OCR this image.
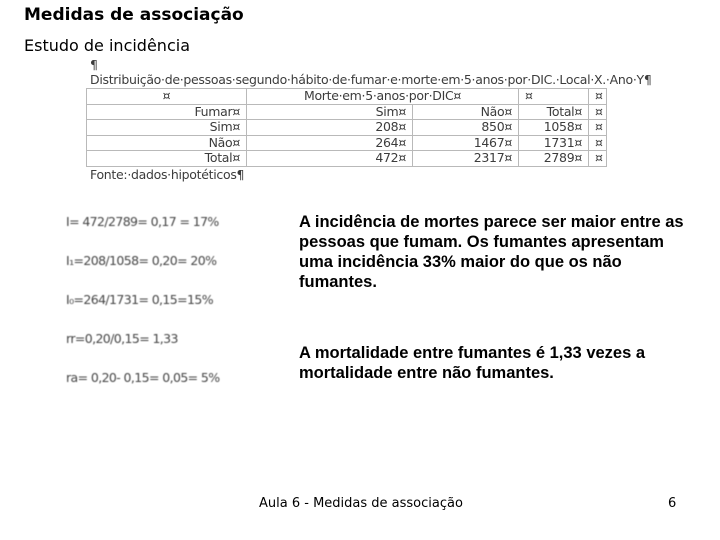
Medidas de associação
Estudo de incidência
¶
Distribuição·de·pessoas·segundo·hábito·de·fumar·e·morte·em·5·anos·por·DIC.·Local·X.·Ano·Y¶
¤	Morte·em·5·anos·por·DIC¤		¤	¤
Fumar¤	Sim¤	Não¤	Total¤	¤
Sim¤	208¤	850¤	1058¤	¤
Não¤	264¤	1467¤	1731¤	¤
Total¤	472¤	2317¤	2789¤	¤
Fonte:·dados·hipotéticos¶
I= 472/2789= 0,17 = 17%
I₁=208/1058= 0,20= 20%
I₀=264/1731= 0,15=15%
rr=0,20/0,15= 1,33
ra= 0,20- 0,15= 0,05= 5%
A incidência de mortes parece ser maior entre as pessoas que fumam. Os fumantes apresentam uma incidência 33% maior do que os não fumantes.
A mortalidade entre fumantes é 1,33 vezes a mortalidade entre não fumantes.
Aula 6 - Medidas de associação	6
